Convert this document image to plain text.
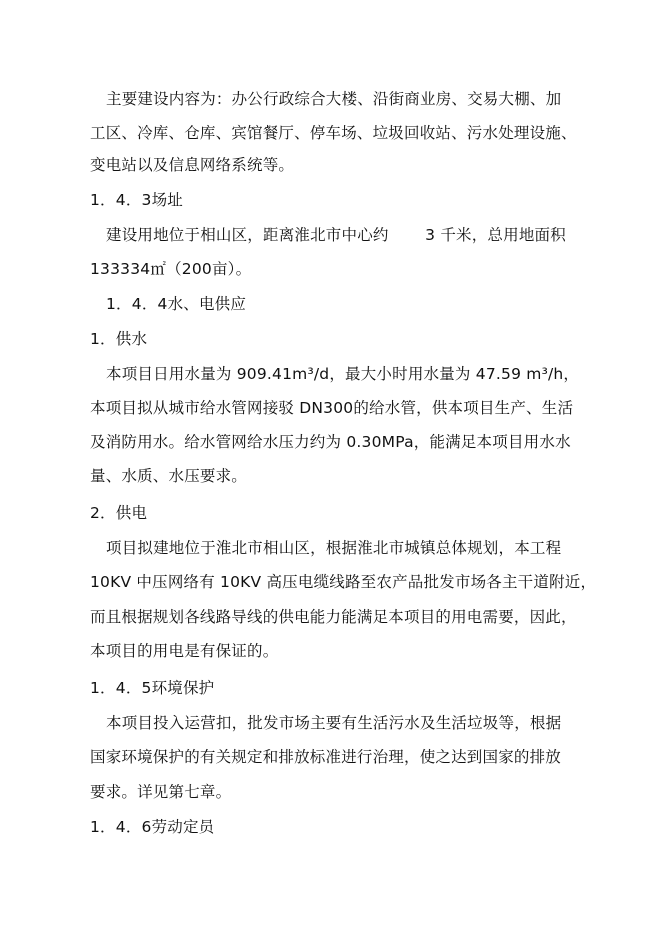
主要建设内容为：办公行政综合大楼、沿街商业房、交易大棚、加
工区、冷库、仓库、宾馆餐厅、停车场、垃圾回收站、污水处理设施、
变电站以及信息网络系统等。
1．4．3场址
建设用地位于相山区，距离淮北市中心约　　 3 千米，总用地面积
133334㎡（200亩）。
1．4．4水、电供应
1．供水
本项目日用水量为 909.41m³/d，最大小时用水量为 47.59 m³/h，
本项目拟从城市给水管网接驳 DN300的给水管，供本项目生产、生活
及消防用水。给水管网给水压力约为 0.30MPa，能满足本项目用水水
量、水质、水压要求。
2．供电
项目拟建地位于淮北市相山区，根据淮北市城镇总体规划，本工程
10KV 中压网络有 10KV 高压电缆线路至农产品批发市场各主干道附近，
而且根据规划各线路导线的供电能力能满足本项目的用电需要，因此，
本项目的用电是有保证的。
1．4．5环境保护
本项目投入运营扣，批发市场主要有生活污水及生活垃圾等，根据
国家环境保护的有关规定和排放标准进行治理，使之达到国家的排放
要求。详见第七章。
1．4．6劳动定员
